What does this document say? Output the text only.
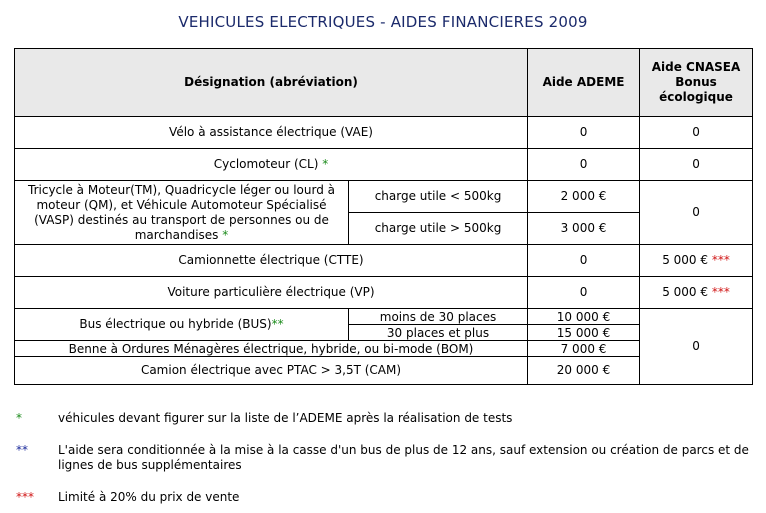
VEHICULES ELECTRIQUES - AIDES FINANCIERES 2009
Désignation (abréviation)		Aide ADEME	Aide CNASEA Bonus écologique
Vélo à assistance électrique (VAE)		0	0
Cyclomoteur (CL) *		0	0
Tricycle à Moteur(TM), Quadricycle léger ou lourd à moteur (QM), et Véhicule Automoteur Spécialisé (VASP) destinés au transport de personnes ou de marchandises *	charge utile < 500kg	2 000 €	0
	charge utile > 500kg	3 000 €	
Camionnette électrique (CTTE)		0	5 000 € ***
Voiture particulière électrique (VP)		0	5 000 € ***
Bus électrique ou hybride (BUS)**	moins de 30 places	10 000 €	0
	30 places et plus	15 000 €	
Benne à Ordures Ménagères électrique, hybride, ou bi-mode (BOM)		7 000 €	
Camion électrique avec PTAC > 3,5T (CAM)		20 000 €	
*	véhicules devant figurer sur la liste de l’ADEME après la réalisation de tests
**	L'aide sera conditionnée à la mise à la casse d'un bus de plus de 12 ans, sauf extension ou création de parcs et de lignes de bus supplémentaires
*** Limité à 20% du prix de vente
